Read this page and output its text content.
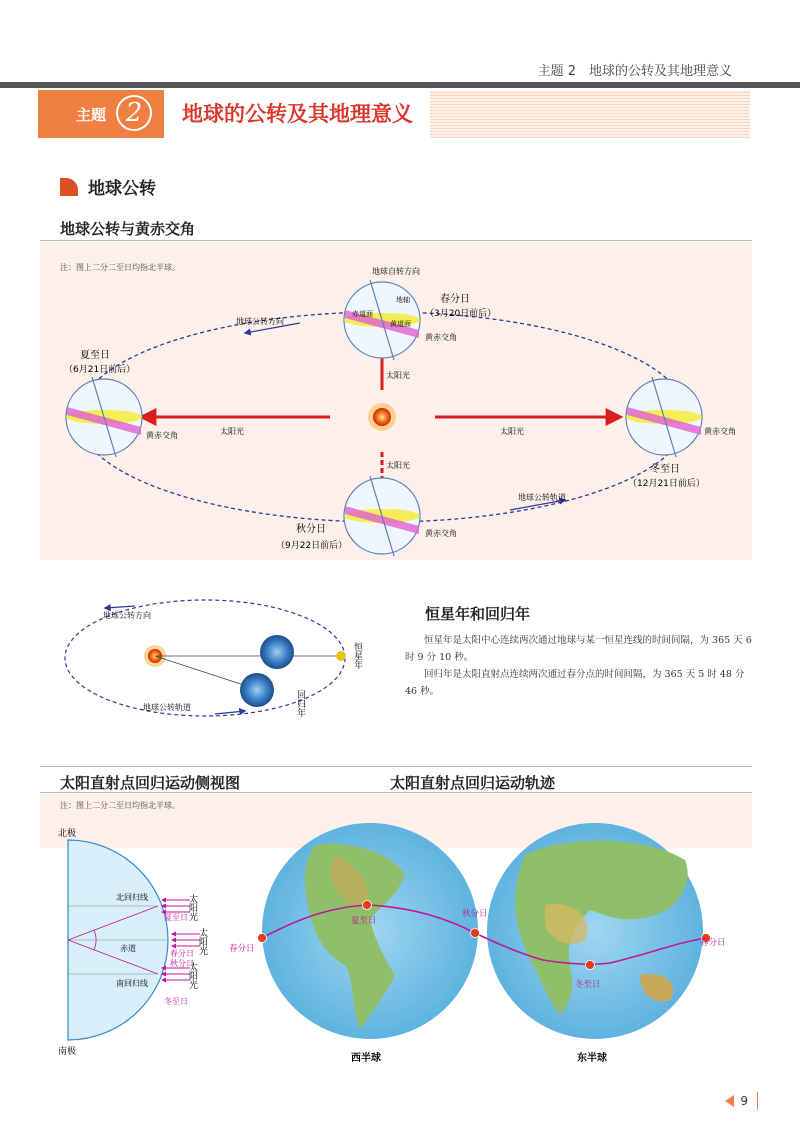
主题 2　地球的公转及其地理意义
主题 2	地球的公转及其地理意义
地球公转
地球公转与黄赤交角
注：图上二分二至日均指北半球。	地球自转方向
地球公转方向
春分日
（3月20日前后）
黄赤交角
太阳光
夏至日
（6月21日前后）
黄赤交角	太阳光	太阳光	黄赤交角
冬至日
（12月21日前后）
地球公转轨道
太阳光
秋分日
（9月22日前后）
黄赤交角
赤道面
黄道面
地轴
地球公转方向
地球公转轨道
恒星年
回归年
恒星年和回归年

恒星年是太阳中心连续两次通过地球与某一恒星连线的时间间隔，为 365 天 6 时 9 分 10 秒。

回归年是太阳直射点连续两次通过春分点的时间间隔，为 365 天 5 时 48 分 46 秒。

太阳直射点回归运动侧视图	太阳直射点回归运动轨迹
注：图上二分二至日均指北半球。
北极
南极
北回归线
赤道
南回归线
太阳光
太阳光
太阳光
夏至日
春分日
秋分日
冬至日
春分日
夏至日
秋分日
冬至日
春分日
西半球	东半球
9
